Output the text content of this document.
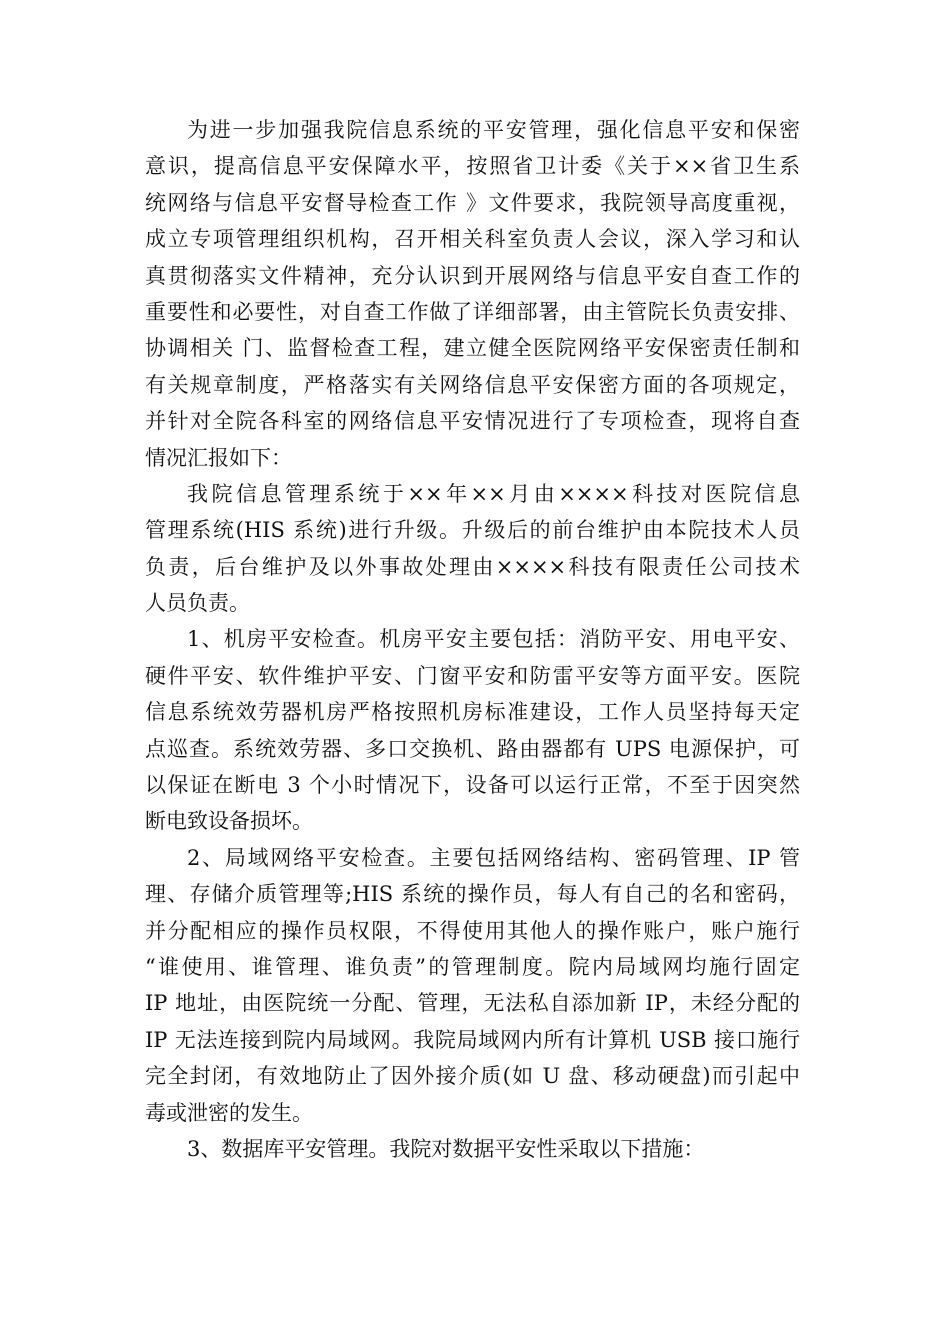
为进一步加强我院信息系统的平安管理，强化信息平安和保密
意识，提高信息平安保障水平，按照省卫计委《关于××省卫生系
统网络与信息平安督导检查工作 》文件要求，我院领导高度重视，
成立专项管理组织机构，召开相关科室负责人会议，深入学习和认
真贯彻落实文件精神，充分认识到开展网络与信息平安自查工作的
重要性和必要性，对自查工作做了详细部署，由主管院长负责安排、
协调相关 门、监督检查工程，建立健全医院网络平安保密责任制和
有关规章制度，严格落实有关网络信息平安保密方面的各项规定，
并针对全院各科室的网络信息平安情况进行了专项检查，现将自查
情况汇报如下：
我院信息管理系统于××年××月由××××科技对医院信息
管理系统(HIS 系统)进行升级。升级后的前台维护由本院技术人员
负责，后台维护及以外事故处理由××××科技有限责任公司技术
人员负责。
1、机房平安检查。机房平安主要包括：消防平安、用电平安、
硬件平安、软件维护平安、门窗平安和防雷平安等方面平安。医院
信息系统效劳器机房严格按照机房标准建设，工作人员坚持每天定
点巡查。系统效劳器、多口交换机、路由器都有 UPS 电源保护，可
以保证在断电 3 个小时情况下，设备可以运行正常，不至于因突然
断电致设备损坏。
2、局域网络平安检查。主要包括网络结构、密码管理、IP 管
理、存储介质管理等;HIS 系统的操作员，每人有自己的名和密码，
并分配相应的操作员权限，不得使用其他人的操作账户，账户施行
“谁使用、谁管理、谁负责”的管理制度。院内局域网均施行固定
IP 地址，由医院统一分配、管理，无法私自添加新 IP，未经分配的
IP 无法连接到院内局域网。我院局域网内所有计算机 USB 接口施行
完全封闭，有效地防止了因外接介质(如 U 盘、移动硬盘)而引起中
毒或泄密的发生。
3、数据库平安管理。我院对数据平安性采取以下措施：
